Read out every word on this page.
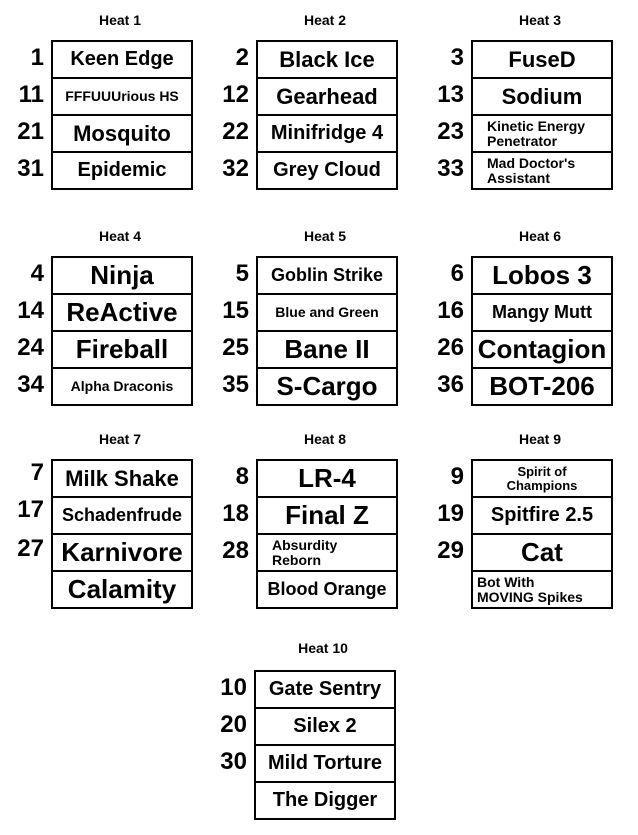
Heat 1
1
11
21
31
Keen Edge
FFFUUUrious HS
Mosquito
Epidemic
Heat 2
2
12
22
32
Black Ice
Gearhead
Minifridge 4
Grey Cloud
Heat 3
3
13
23
33
FuseD
Sodium
Kinetic Energy
Penetrator
Mad Doctor's
Assistant
Heat 4
4
14
24
34
Ninja
ReActive
Fireball
Alpha Draconis
Heat 5
5
15
25
35
Goblin Strike
Blue and Green
Bane II
S-Cargo
Heat 6
6
16
26
36
Lobos 3
Mangy Mutt
Contagion
BOT-206
Heat 7
7
17
27
Milk Shake
Schadenfrude
Karnivore
Calamity
Heat 8
8
18
28
LR-4
Final Z
Absurdity
Reborn
Blood Orange
Heat 9
9
19
29
Spirit of
Champions
Spitfire 2.5
Cat
Bot With
MOVING Spikes
Heat 10
10
20
30
Gate Sentry
Silex 2
Mild Torture
The Digger
